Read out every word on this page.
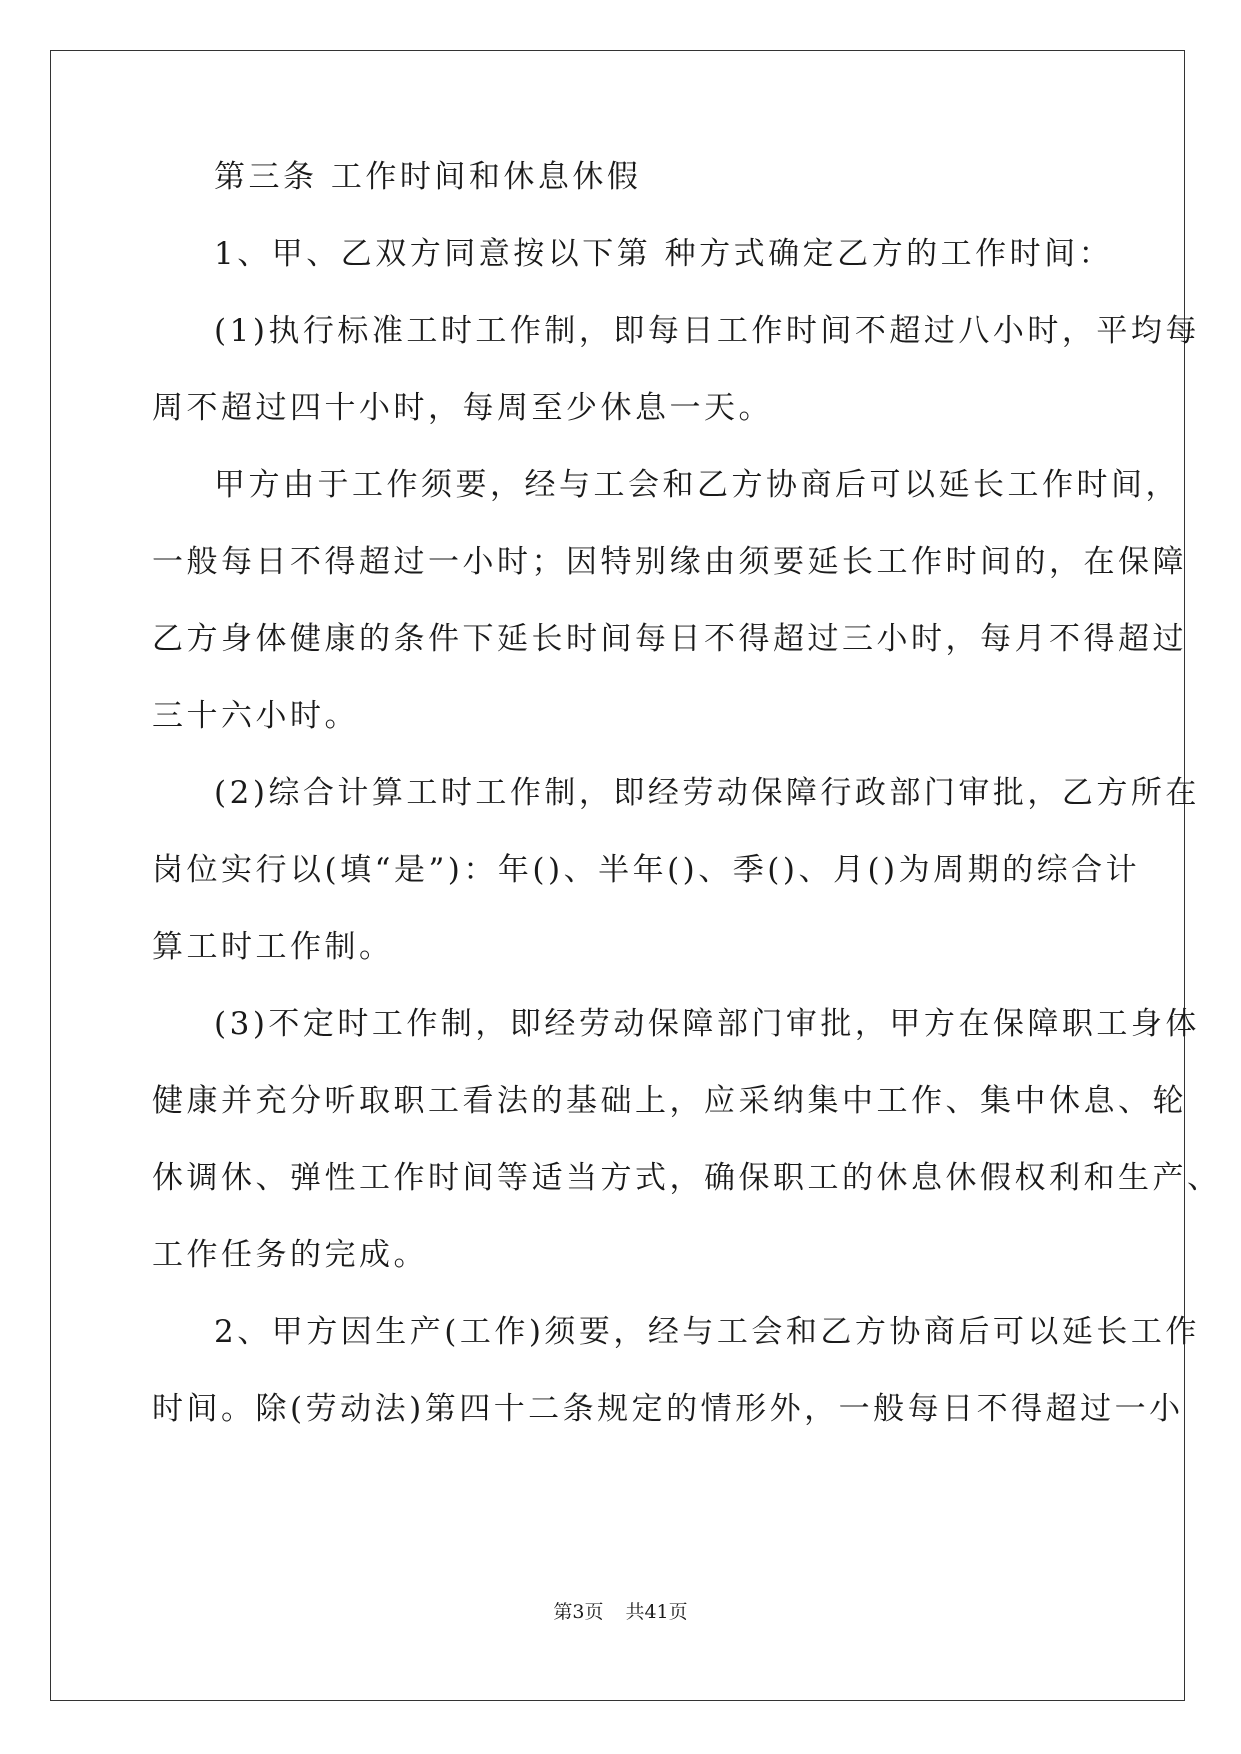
第三条 工作时间和休息休假
1、甲、乙双方同意按以下第 种方式确定乙方的工作时间：
(1)执行标准工时工作制，即每日工作时间不超过八小时，平均每
周不超过四十小时，每周至少休息一天。
甲方由于工作须要，经与工会和乙方协商后可以延长工作时间，
一般每日不得超过一小时；因特别缘由须要延长工作时间的，在保障
乙方身体健康的条件下延长时间每日不得超过三小时，每月不得超过
三十六小时。
(2)综合计算工时工作制，即经劳动保障行政部门审批，乙方所在
岗位实行以(填“是”)：年()、半年()、季()、月()为周期的综合计
算工时工作制。
(3)不定时工作制，即经劳动保障部门审批，甲方在保障职工身体
健康并充分听取职工看法的基础上，应采纳集中工作、集中休息、轮
休调休、弹性工作时间等适当方式，确保职工的休息休假权利和生产、
工作任务的完成。
2、甲方因生产(工作)须要，经与工会和乙方协商后可以延长工作
时间。除(劳动法)第四十二条规定的情形外，一般每日不得超过一小
第3页 共41页
